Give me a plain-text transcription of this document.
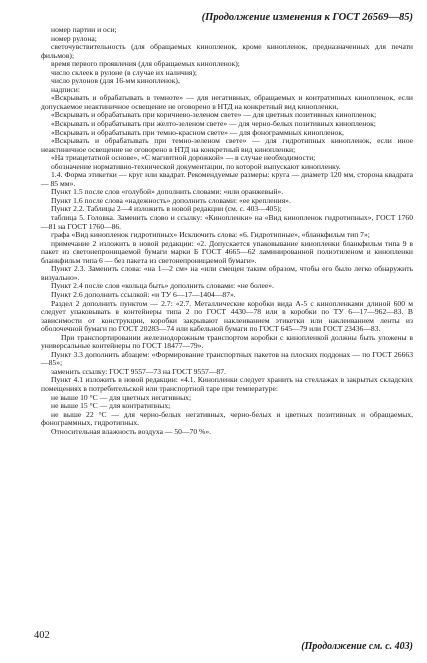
(Продолжение изменения к ГОСТ 26569—85)

номер партии и оси;

номер рулона;

светочувствительность (для обращаемых кинопленок, кроме кинопленок, предназначенных для печати фильмов);

время первого проявления (для обращаемых кинопленок);

число склеек в рулоне (в случае их наличия);

число рулонов (для 16-мм кинопленок),

надписи:

«Вскрывать и обрабатывать в темноте» — для негативных, обращаемых и контратипных кинопленок, если допускаемое неактиничное освещение не оговорено в НТД на конкретный вид кинопленки,

«Вскрывать и обрабатывать при коричнево-зеленом свете» — для цветных позитивных кинопленок;

«Вскрывать и обрабатывать при желто-зеленом свете» — для черно-белых позитивных кинопленок;

«Вскрывать и обрабатывать при темно-красном свете» — для фонограммных кинопленок,

«Вскрывать и обрабатывать при темно-зеленом свете» — для гидротипных кинопленок, если иное неактиничное освещение не оговорено в НТД на конкретный вид кинопленки;

«На триацетатной основе», «С магнитной дорожкой» — в случае необходимости;

обозначение нормативно-технической документации, по которой выпускают кинопленку.

1.4. Форма этикетки — круг или квадрат. Рекомендуемые размеры: круга — диаметр 120 мм, сторона квадрата — 85 мм».

Пункт 1.5 после слов «голубой» дополнить словами: «или оранжевый».

Пункт 1.6 после слова «надежность» дополнить словами: «ее крепления».

Пункт 2.2. Таблицы 2—4 изложить в новой редакции (см. с. 403—405);

таблица 5. Головка. Заменить слово и ссылку: «Кинопленки» на «Вид кинопленок гидротипных», ГОСТ 1760—81 на ГОСТ 1760—86.

графа «Вид кинопленок гидротипных» Исключить слова: «6. Гидротипные», «бланкфильм тип 7»;

примечание 2 изложить в новой редакции: «2. Допускается упаковывание кинопленки бланкфильм типа 9 в пакет из светонепроницаемой бумаги марки Б ГОСТ 4665—62 ламинированной полиэтиленом и кинопленки бланкфильм типа 6 — без пакета из светонепроницаемой бумаги».

Пункт 2.3. Заменить слова: «на 1—2 см» на «или смещен таким образом, чтобы его было легко обнаружить визуально».

Пункт 2.4 после слов «кольца быть» дополнить словами: «не более».

Пункт 2.6 дополнить ссылкой: «и ТУ 6—17—1404—87».

Раздел 2 дополнить пунктом — 2.7: «2.7. Металлические коробки вида А-5 с кинопленками длиной 600 м следует упаковывать в контейнеры типа 2 по ГОСТ 4430—78 или в коробки по ТУ 6—17—962—83. В зависимости от конструкции, коробки закрывают наклеиванием этикетки или наклеиванием ленты из оболочечной бумаги по ГОСТ 20283—74 или кабельной бумаги по ГОСТ 645—79 или ГОСТ 23436—83.

При транспортировании железнодорожным транспортом коробки с кинопленкой должны быть уложены в универсальные контейнеры по ГОСТ 18477—79».

Пункт 3.3 дополнить абзацем: «Формирование транспортных пакетов на плоских поддонах — по ГОСТ 26663—85»;

заменить ссылку: ГОСТ 9557—73 на ГОСТ 9557—87.

Пункт 4.1 изложить в новой редакции: «4.1. Кинопленки следует хранить на стеллажах в закрытых складских помещениях в потребительской или транспортной таре при температуре:

не выше 10 °С — для цветных негативных;

не выше 15 °С — для контратипных;

не выше 22 °С — для черно-белых негативных, черно-белых и цветных позитивных и обращаемых, фонограммных, гидротипных.

Относительная влажность воздуха — 50—70 %».

402
(Продолжение см. с. 403)
